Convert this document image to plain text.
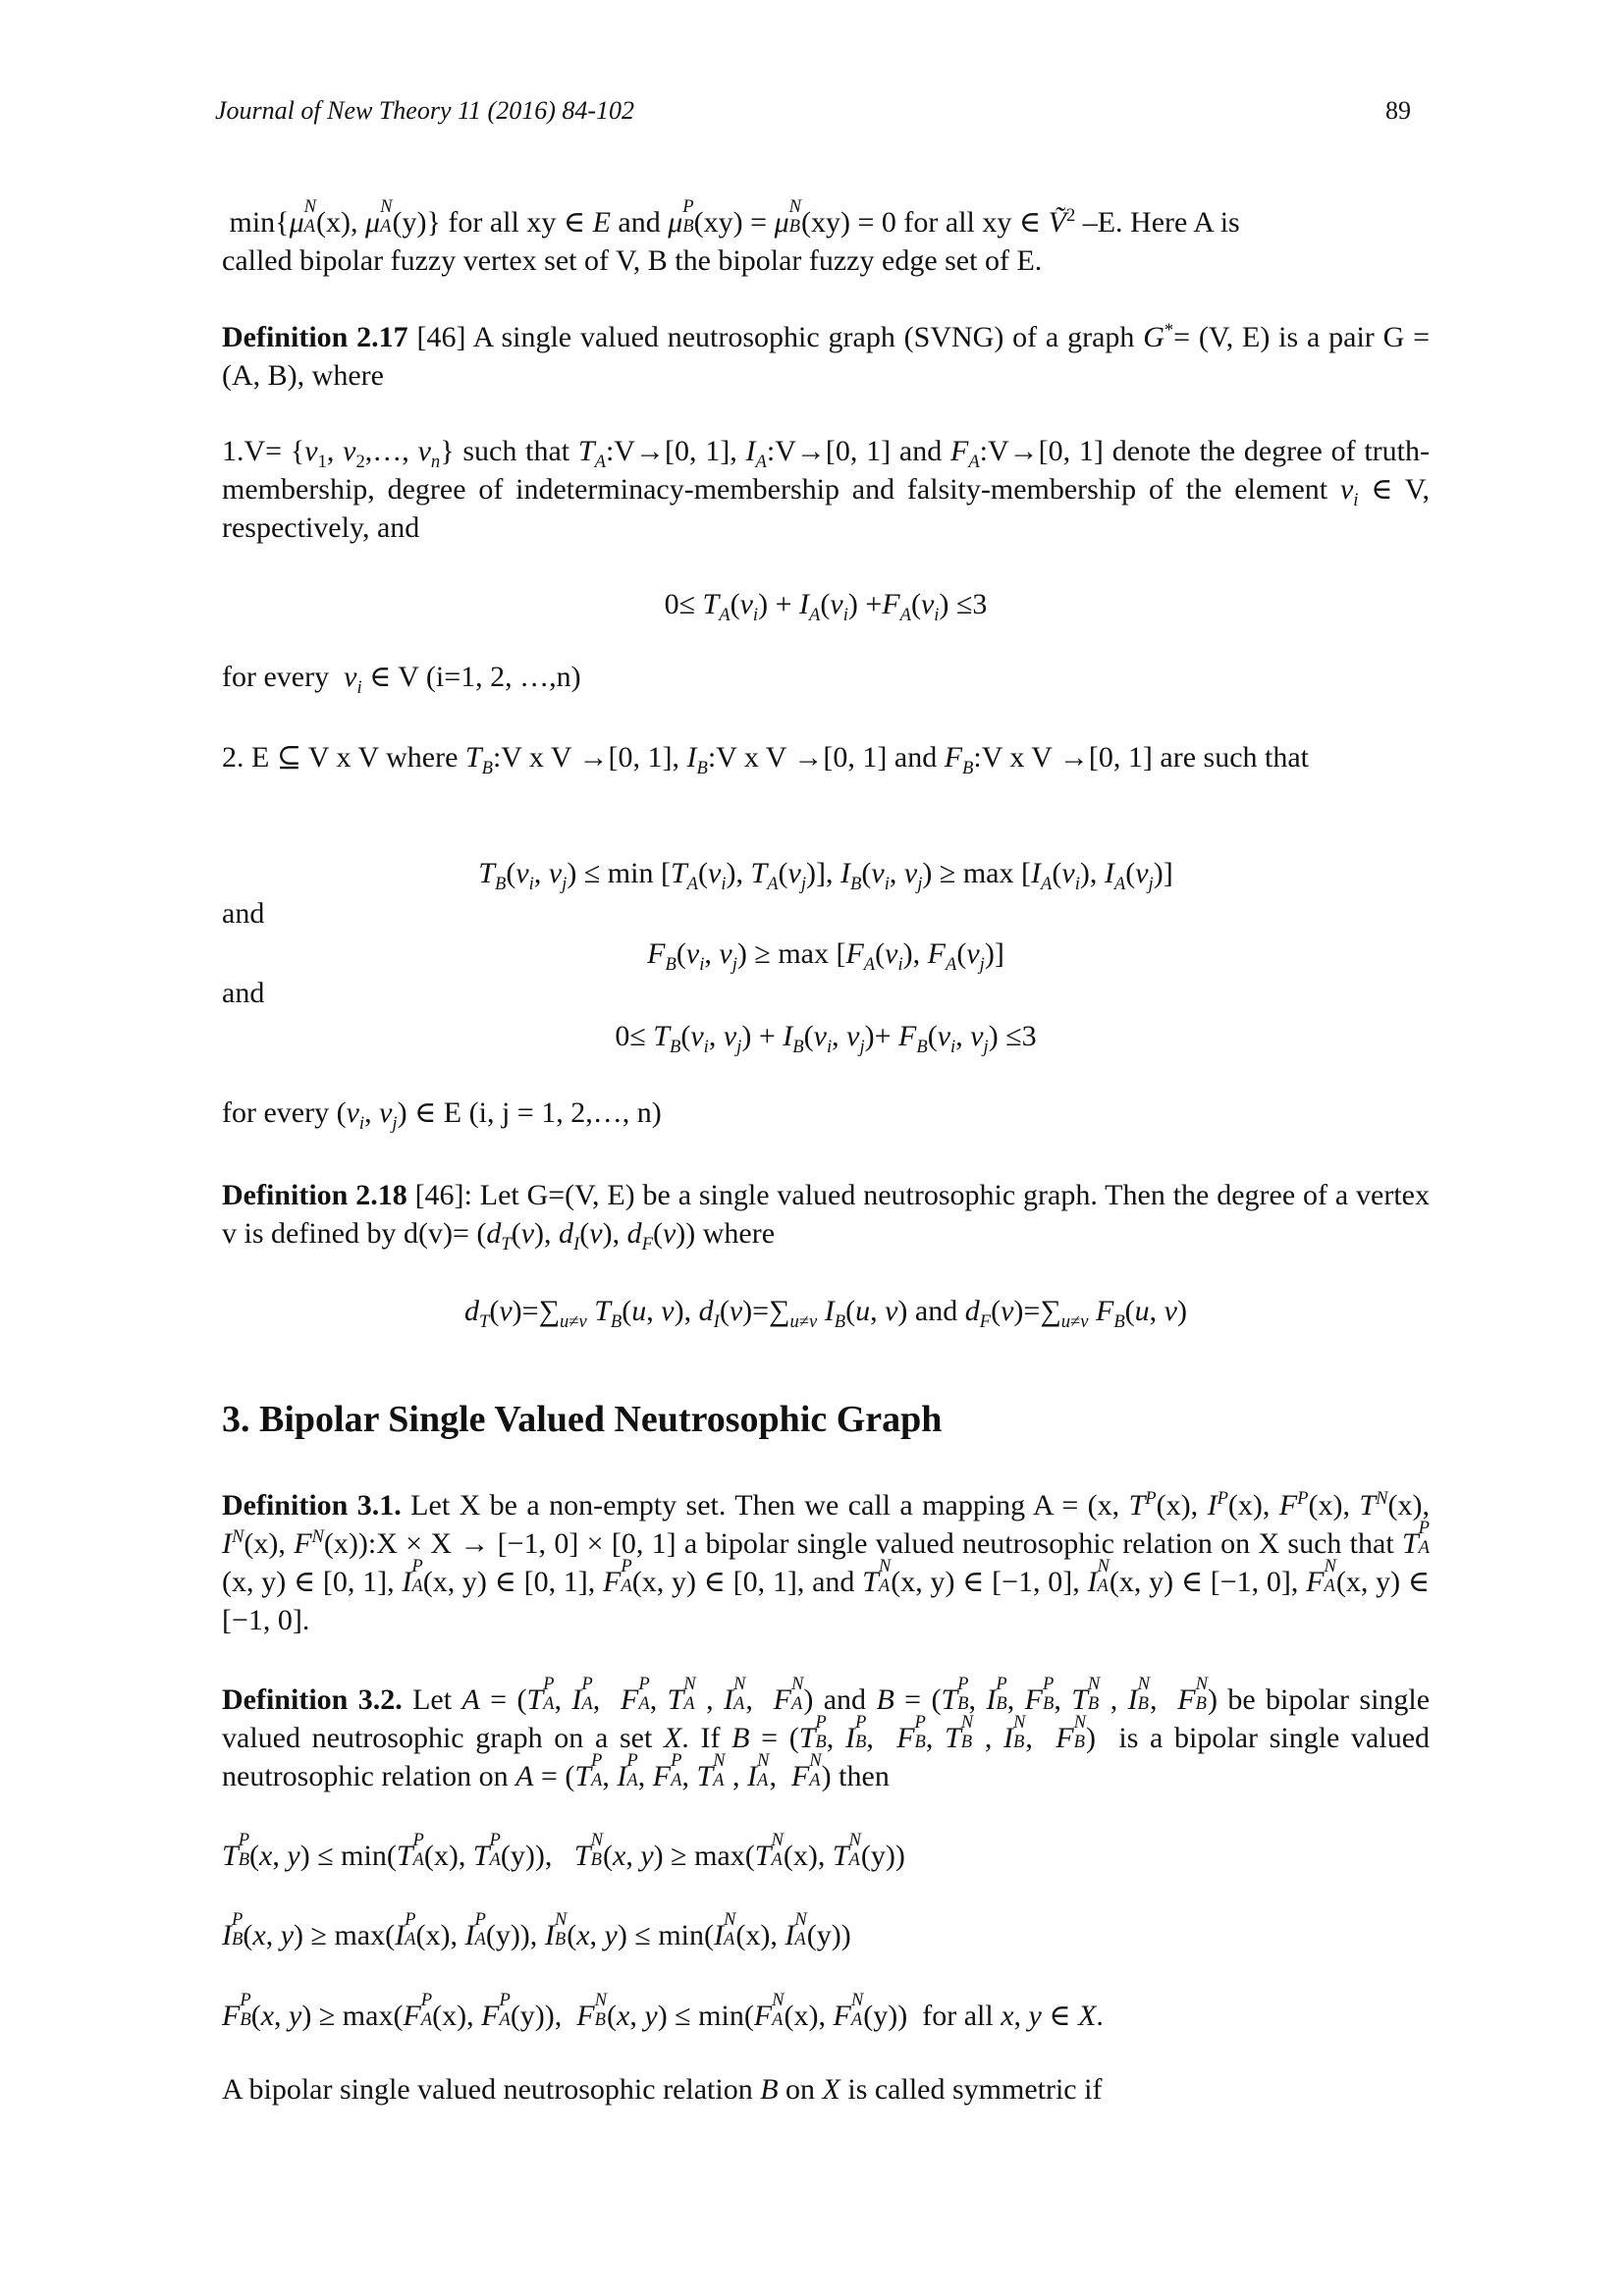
Journal of New Theory 11 (2016) 84-102	89

min{μ N
A (x), μ N
A (y)} for all xy ∈ E and μ P
B (xy) = μ N
B (xy) = 0 for all xy ∈ Ṽ$^2$ –E. Here A is
called bipolar fuzzy vertex set of V, B the bipolar fuzzy edge set of E.

Definition 2.17 [46] A single valued neutrosophic graph (SVNG) of a graph G*= (V, E) is a pair G = (A, B), where

$1.V= \{v_1$, $v_2,\dots$, $v_n$} such that $T_A:V\to[0$, 1], $I_A:V\to[0$, 1] and $F_A:V\to[0$, 1] denote the degree of truth-membership, degree of indeterminacy-membership and falsity-membership of the element $v_i$ ∈ V, respectively, and

$0\le T_A(v_i) + I_A(v_i) +F_A(v_i) \le 3$

for every  $v_i$ ∈ V (i=1, 2, …,n)

2. E ⊆ V x V where $T_B:V$ x V →[0, 1], $I_B:V$ x V →[0, 1] and $F_B:V$ x V →[0, 1] are such that

$T_B(v_i$, $v_j) \le \min [T_A(v_i)$, $T_A(v_j)$], $I_B(v_i$, $v_j) \ge \max [I_A(v_i)$, $I_A(v_j)$]

and

$F_B(v_i$, $v_j) \ge \max [F_A(v_i)$, $F_A(v_j)$]

and

$0\le T_B(v_i$, $v_j) + I_B(v_i$, $v_j)+ F_B(v_i$, $v_j) \le 3$

for every ($v_i$, $v_j$) ∈ E (i, j = 1, 2,…, n)

Definition 2.18 [46]: Let G=(V, E) be a single valued neutrosophic graph. Then the degree of a vertex v is defined by $d(v)= (d_T(v)$, $d_I(v)$, $d_F(v)$) where

$d_T(v)=\sum_{u\ne v}$ $T_B(u$, v), $d_I(v)=\sum_{u\ne v}$ $I_B(u$, v) and $d_F(v)=\sum_{u\ne v}$ $F_B(u$, v)

3. Bipolar Single Valued Neutrosophic Graph

Definition 3.1. Let X be a non-empty set. Then we call a mapping A = (x, $T^P(x)$, $I^P(x)$, $F^P(x)$, $T^N(x)$, $I^N(x)$, $F^N(x)):X \times X \to [-1$, 0] × [0, 1] a bipolar single valued neutrosophic relation on X such that T P
A
(x, y) ∈ [0, 1], I P
A (x, y) ∈ [0, 1], F P
A (x, y) ∈ [0, 1], and T N
A (x, y) ∈ [−1, 0], I N
A (x, y) ∈ [−1, 0], F N
A (x, y) ∈ [−1, 0].

Definition 3.2. Let A = (T P
A , I P
A ,  F P
A , T N
A , I N
A ,  F N
A ) and B = (T P
B , I P
B , F P
B , T N
B , I N
B ,  F N
B ) be bipolar single valued neutrosophic graph on a set X. If B = (T P
B , I P
B ,  F P
B , T N
B , I N
B ,  F N
B )  is a bipolar single valued neutrosophic relation on A = (T P
A , I P
A , F P
A , T N
A , I N
A ,  F N
A ) then

T P
B (x, y) ≤ min(T P
A (x), T P
A (y)),   T N
B (x, y) ≥ max(T N
A (x), T N
A (y))

I P
B (x, y) ≥ max(I P
A (x), I P
A (y)), I N
B (x, y) ≤ min(I N
A (x), I N
A (y))

F P
B (x, y) ≥ max(F P
A (x), F P
A (y)),  F N
B (x, y) ≤ min(F N
A (x), F N
A (y))  for all x, y ∈ X.

A bipolar single valued neutrosophic relation B on X is called symmetric if
